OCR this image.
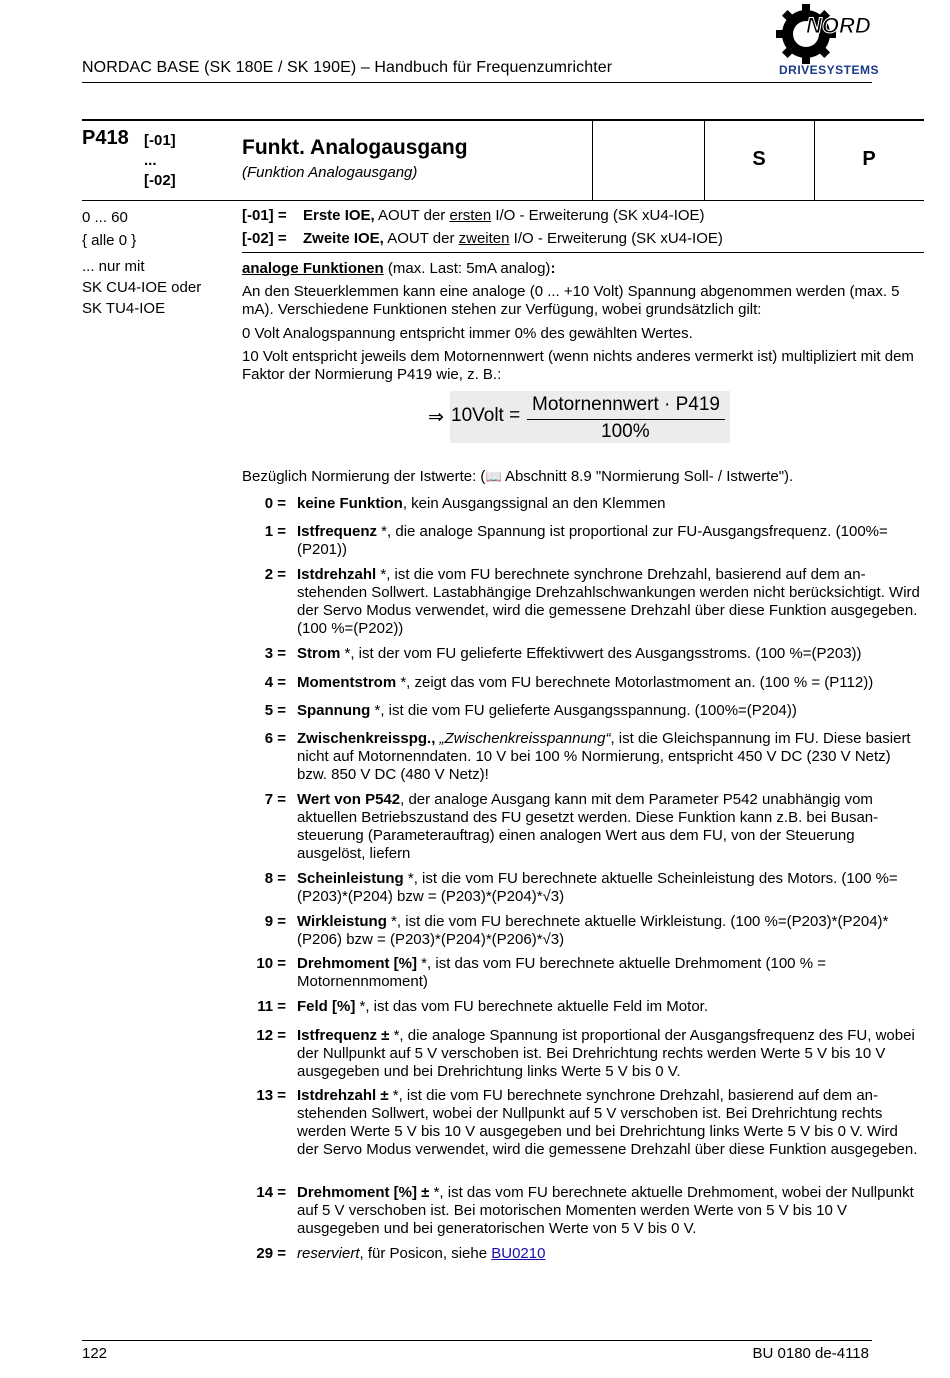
NORDAC BASE (SK 180E / SK 190E) – Handbuch für Frequenzumrichter
NORD
DRIVESYSTEMS
P418 [-01]
...
[-02]
Funkt. Analogausgang
(Funktion Analogausgang)
S	P
0 ... 60
{ alle 0 }
... nur mit
SK CU4-IOE oder
SK TU4-IOE
[-01] = Erste IOE, AOUT der ersten I/O - Erweiterung (SK xU4-IOE)
[-02] = Zweite IOE, AOUT der zweiten I/O - Erweiterung (SK xU4-IOE)
analoge Funktionen (max. Last: 5mA analog):
An den Steuerklemmen kann eine analoge (0 ... +10 Volt) Spannung abgenommen werden (max. 5 mA). Verschiedene Funktionen stehen zur Verfügung, wobei grundsätzlich gilt:
0 Volt Analogspannung entspricht immer 0% des gewählten Wertes.
10 Volt entspricht jeweils dem Motornennwert (wenn nichts anderes vermerkt ist) multipliziert mit dem Faktor der Normierung P419 wie, z. B.:
⇒ 10Volt =
Motornennwert · P419
100%
Bezüglich Normierung der Istwerte: (📖 Abschnitt 8.9 "Normierung Soll- / Istwerte").
0 = keine Funktion, kein Ausgangssignal an den Klemmen
1 = Istfrequenz *, die analoge Spannung ist proportional zur FU-Ausgangsfrequenz. (100%=(P201))
2 = Istdrehzahl *, ist die vom FU berechnete synchrone Drehzahl, basierend auf dem an-stehenden Sollwert. Lastabhängige Drehzahlschwankungen werden nicht berücksichtigt. Wird der Servo Modus verwendet, wird die gemessene Drehzahl über diese Funktion ausgegeben. (100 %=(P202))
3 = Strom *, ist der vom FU gelieferte Effektivwert des Ausgangsstroms. (100 %=(P203))
4 = Momentstrom *, zeigt das vom FU berechnete Motorlastmoment an. (100 % = (P112))
5 = Spannung *, ist die vom FU gelieferte Ausgangsspannung. (100%=(P204))
6 = Zwischenkreisspg., „Zwischenkreisspannung“, ist die Gleichspannung im FU. Diese basiert nicht auf Motornenndaten. 10 V bei 100 % Normierung, entspricht 450 V DC (230 V Netz) bzw. 850 V DC (480 V Netz)!
7 = Wert von P542, der analoge Ausgang kann mit dem Parameter P542 unabhängig vom aktuellen Betriebszustand des FU gesetzt werden. Diese Funktion kann z.B. bei Busan-steuerung (Parameterauftrag) einen analogen Wert aus dem FU, von der Steuerung ausgelöst, liefern
8 = Scheinleistung *, ist die vom FU berechnete aktuelle Scheinleistung des Motors. (100 %=(P203)*(P204) bzw = (P203)*(P204)*√3)
9 = Wirkleistung *, ist die vom FU berechnete aktuelle Wirkleistung. (100 %=(P203)*(P204)*(P206) bzw = (P203)*(P204)*(P206)*√3)
10 = Drehmoment [%] *, ist das vom FU berechnete aktuelle Drehmoment (100 % = Motornennmoment)
11 = Feld [%] *, ist das vom FU berechnete aktuelle Feld im Motor.
12 = Istfrequenz ± *, die analoge Spannung ist proportional der Ausgangsfrequenz des FU, wobei der Nullpunkt auf 5 V verschoben ist. Bei Drehrichtung rechts werden Werte 5 V bis 10 V ausgegeben und bei Drehrichtung links Werte 5 V bis 0 V.
13 = Istdrehzahl ± *, ist die vom FU berechnete synchrone Drehzahl, basierend auf dem an-stehenden Sollwert, wobei der Nullpunkt auf 5 V verschoben ist. Bei Drehrichtung rechts werden Werte 5 V bis 10 V ausgegeben und bei Drehrichtung links Werte 5 V bis 0 V. Wird der Servo Modus verwendet, wird die gemessene Drehzahl über diese Funktion ausgegeben.
14 = Drehmoment [%] ± *, ist das vom FU berechnete aktuelle Drehmoment, wobei der Nullpunkt auf 5 V verschoben ist. Bei motorischen Momenten werden Werte von 5 V bis 10 V ausgegeben und bei generatorischen Werte von 5 V bis 0 V.
29 = reserviert, für Posicon, siehe BU0210
122	BU 0180 de-4118
